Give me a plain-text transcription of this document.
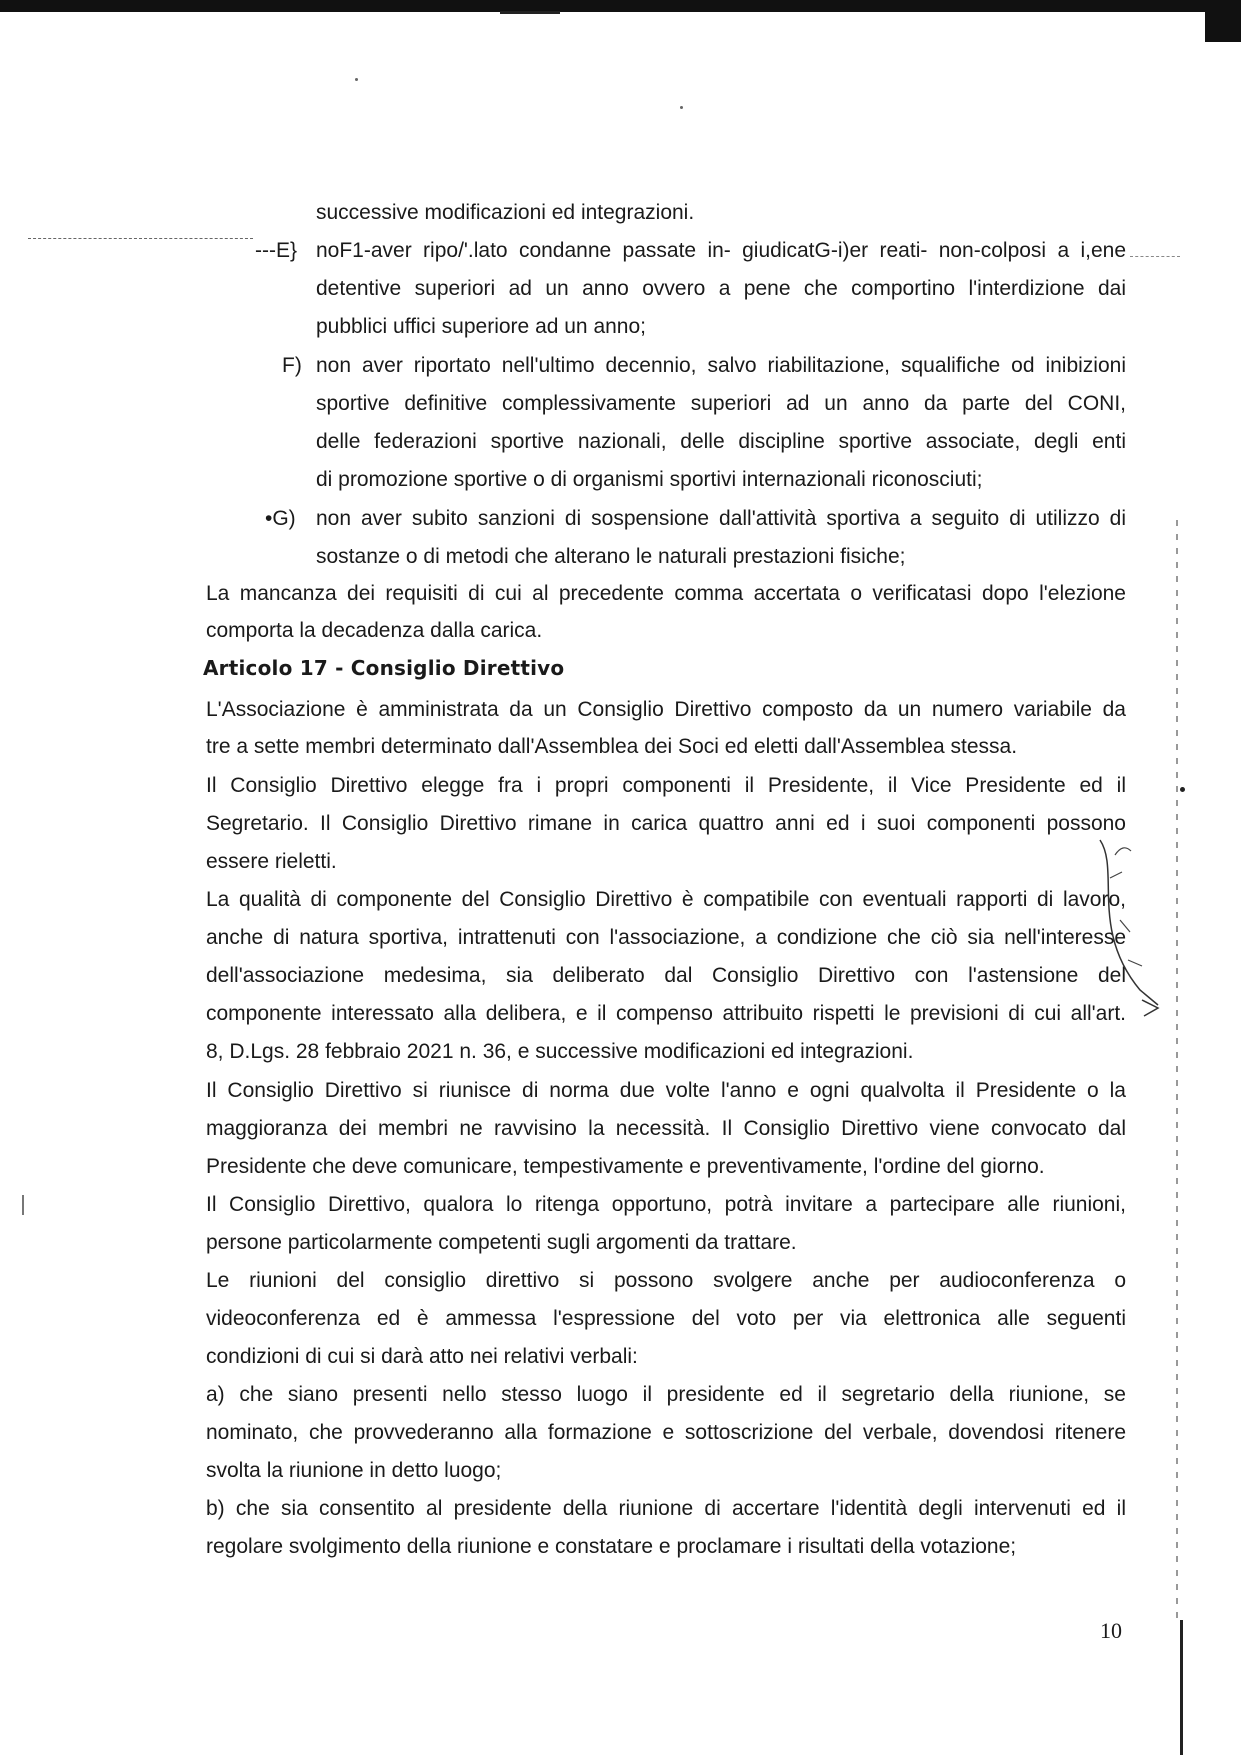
---E}
F)
•G)
successive modificazioni ed integrazioni.
noF1-aver ripo/'.lato condanne passate in- giudicatG-i)er reati- non-colposi a i,ene
detentive superiori ad un anno ovvero a pene che comportino l'interdizione dai
pubblici uffici superiore ad un anno;
non aver riportato nell'ultimo decennio, salvo riabilitazione, squalifiche od inibizioni
sportive definitive complessivamente superiori ad un anno da parte del CONI,
delle federazioni sportive nazionali, delle discipline sportive associate, degli enti
di promozione sportive o di organismi sportivi internazionali riconosciuti;
non aver subito sanzioni di sospensione dall'attività sportiva a seguito di utilizzo di
sostanze o di metodi che alterano le naturali prestazioni fisiche;
La mancanza dei requisiti di cui al precedente comma accertata o verificatasi dopo l'elezione
comporta la decadenza dalla carica.
Articolo 17 - Consiglio Direttivo
L'Associazione è amministrata da un Consiglio Direttivo composto da un numero variabile da
tre a sette membri determinato dall'Assemblea dei Soci ed eletti dall'Assemblea stessa.
Il Consiglio Direttivo elegge fra i propri componenti il Presidente, il Vice Presidente ed il
Segretario. Il Consiglio Direttivo rimane in carica quattro anni ed i suoi componenti possono
essere rieletti.
La qualità di componente del Consiglio Direttivo è compatibile con eventuali rapporti di lavoro,
anche di natura sportiva, intrattenuti con l'associazione, a condizione che ciò sia nell'interesse
dell'associazione medesima, sia deliberato dal Consiglio Direttivo con l'astensione del
componente interessato alla delibera, e il compenso attribuito rispetti le previsioni di cui all'art.
8, D.Lgs. 28 febbraio 2021 n. 36, e successive modificazioni ed integrazioni.
Il Consiglio Direttivo si riunisce di norma due volte l'anno e ogni qualvolta il Presidente o la
maggioranza dei membri ne ravvisino la necessità. Il Consiglio Direttivo viene convocato dal
Presidente che deve comunicare, tempestivamente e preventivamente, l'ordine del giorno.
Il Consiglio Direttivo, qualora lo ritenga opportuno, potrà invitare a partecipare alle riunioni,
persone particolarmente competenti sugli argomenti da trattare.
Le riunioni del consiglio direttivo si possono svolgere anche per audioconferenza o
videoconferenza ed è ammessa l'espressione del voto per via elettronica alle seguenti
condizioni di cui si darà atto nei relativi verbali:
a) che siano presenti nello stesso luogo il presidente ed il segretario della riunione, se
nominato, che provvederanno alla formazione e sottoscrizione del verbale, dovendosi ritenere
svolta la riunione in detto luogo;
b) che sia consentito al presidente della riunione di accertare l'identità degli intervenuti ed il
regolare svolgimento della riunione e constatare e proclamare i risultati della votazione;
10
